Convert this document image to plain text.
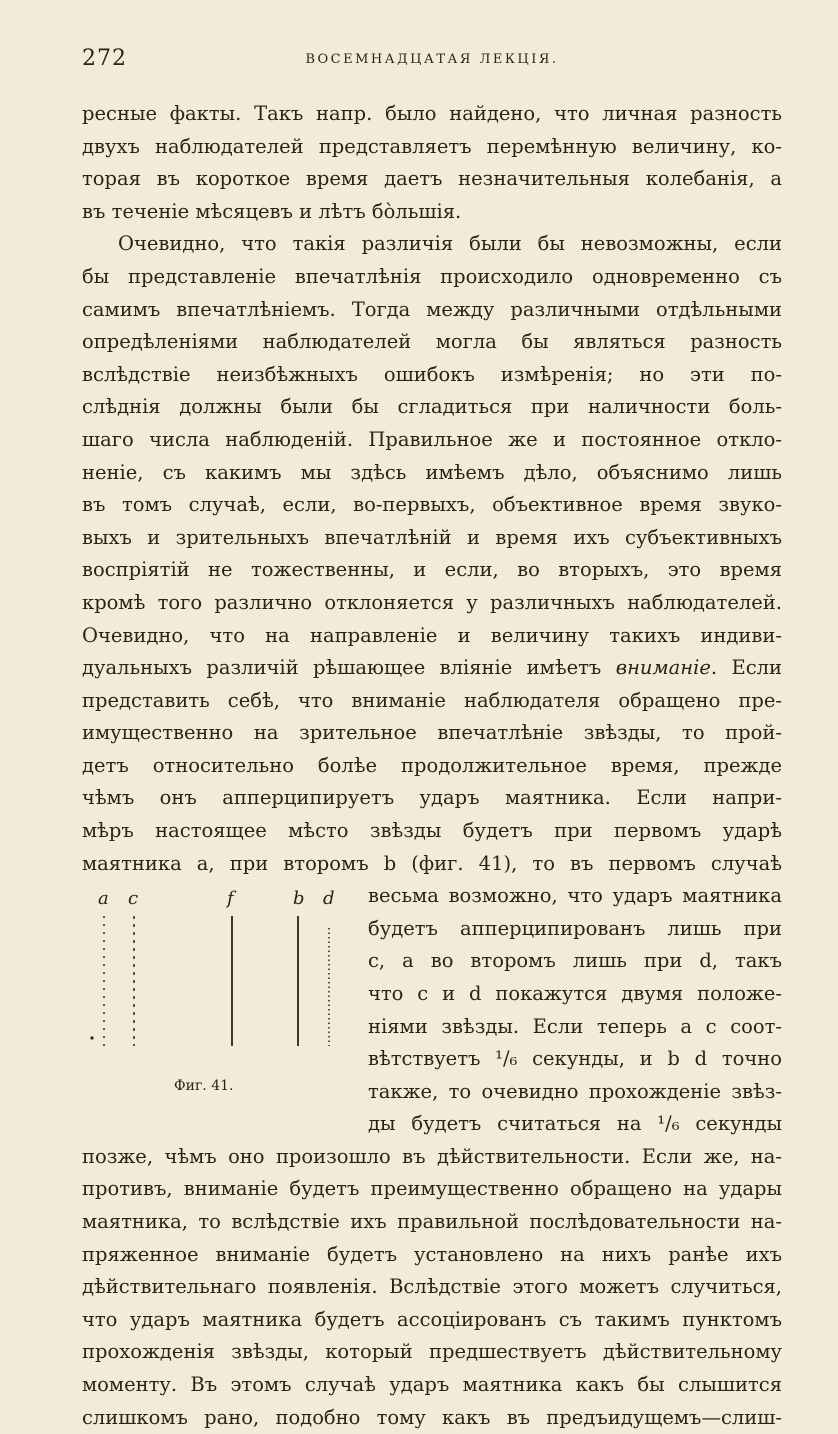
272	ВОСЕМНАДЦАТАЯ ЛЕКЦІЯ.
ресные факты. Такъ напр. было найдено, что личная разность
двухъ наблюдателей представляетъ перемѣнную величину, ко-
торая въ короткое время даетъ незначительныя колебанія, а
въ теченіе мѣсяцевъ и лѣтъ бо̀льшія.
Очевидно, что такія различія были бы невозможны, если
бы представленіе впечатлѣнія происходило одновременно съ
самимъ впечатлѣніемъ. Тогда между различными отдѣльными
опредѣленіями наблюдателей могла бы являться разность
вслѣдствіе неизбѣжныхъ ошибокъ измѣренія; но эти по-
слѣднія должны были бы сгладиться при наличности боль-
шаго числа наблюденій. Правильное же и постоянное откло-
неніе, съ какимъ мы здѣсь имѣемъ дѣло, объяснимо лишь
въ томъ случаѣ, если, во-первыхъ, объективное время звуко-
выхъ и зрительныхъ впечатлѣній и время ихъ субъективныхъ
воспріятій не тожественны, и если, во вторыхъ, это время
кромѣ того различно отклоняется у различныхъ наблюдателей.
Очевидно, что на направленіе и величину такихъ индиви-
дуальныхъ различій рѣшающее вліяніе имѣетъ вниманіе. Если
представить себѣ, что вниманіе наблюдателя обращено пре-
имущественно на зрительное впечатлѣніе звѣзды, то прой-
детъ относительно болѣе продолжительное время, прежде
чѣмъ онъ апперципируетъ ударъ маятника. Если напри-
мѣръ настоящее мѣсто звѣзды будетъ при первомъ ударѣ
маятника а, при второмъ b (фиг. 41), то въ первомъ случаѣ
a c	f	b d
Фиг. 41.
весьма возможно, что ударъ маятника
будетъ апперципированъ лишь при
c, а во второмъ лишь при d, такъ
что c и d покажутся двумя положе-
ніями звѣзды. Если теперь а c соот-
вѣтствуетъ ¹/₆ секунды, и b d точно
также, то очевидно прохожденіе звѣз-
ды будетъ считаться на ¹/₆ секунды
позже, чѣмъ оно произошло въ дѣйствительности. Если же, на-
противъ, вниманіе будетъ преимущественно обращено на удары
маятника, то вслѣдствіе ихъ правильной послѣдовательности на-
пряженное вниманіе будетъ установлено на нихъ ранѣе ихъ
дѣйствительнаго появленія. Вслѣдствіе этого можетъ случиться,
что ударъ маятника будетъ ассоціированъ съ такимъ пунктомъ
прохожденія звѣзды, который предшествуетъ дѣйствительному
моменту. Въ этомъ случаѣ ударъ маятника какъ бы слышится
слишкомъ рано, подобно тому какъ въ предъидущемъ—слиш-
